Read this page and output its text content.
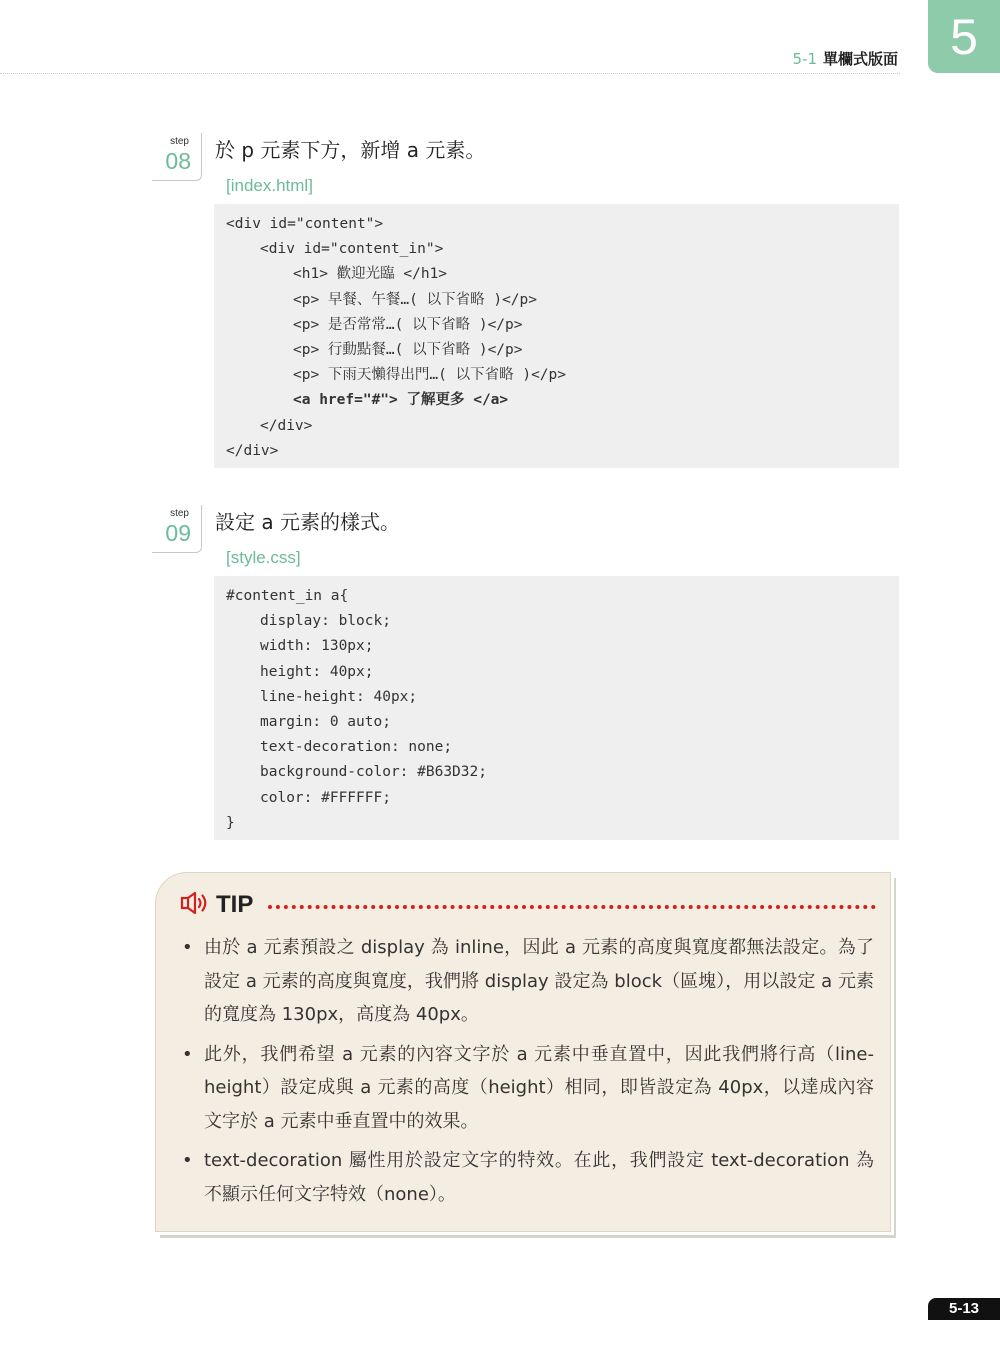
5-1 單欄式版面	5
step
08 於 p 元素下方，新增 a 元素。
[index.html]
<div id="content">
<div id="content_in">
<h1> 歡迎光臨 </h1>
<p> 早餐、午餐…( 以下省略 )</p>
<p> 是否常常…( 以下省略 )</p>
<p> 行動點餐…( 以下省略 )</p>
<p> 下雨天懶得出門…( 以下省略 )</p>
<a href="#"> 了解更多 </a>
</div>
</div>
step
09 設定 a 元素的樣式。
[style.css]
#content_in a{
display: block;
width: 130px;
height: 40px;
line-height: 40px;
margin: 0 auto;
text-decoration: none;
background-color: #B63D32;
color: #FFFFFF;
}
TIP
• 由於 a 元素預設之 display 為 inline，因此 a 元素的高度與寬度都無法設定。為了設定 a 元素的高度與寬度，我們將 display 設定為 block（區塊），用以設定 a 元素的寬度為 130px，高度為 40px。
• 此外，我們希望 a 元素的內容文字於 a 元素中垂直置中，因此我們將行高（line-height）設定成與 a 元素的高度（height）相同，即皆設定為 40px，以達成內容文字於 a 元素中垂直置中的效果。
• text-decoration 屬性用於設定文字的特效。在此，我們設定 text-decoration 為不顯示任何文字特效（none）。
5-13
